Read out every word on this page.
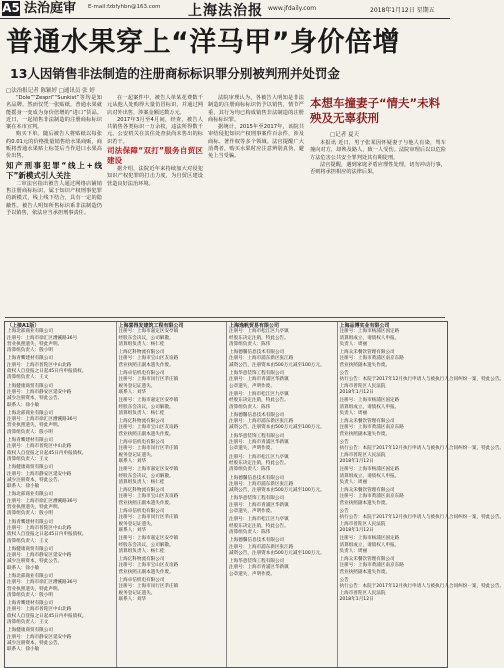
A5 法治庭审 E-mail:fzbfyhbn@163.com 上海法治报 www.jfdaily.com	2018年1月12日 星期五
普通水果穿上“洋马甲”身价倍增
13人因销售非法制造的注册商标标识罪分别被判刑并处罚金
□法治报记者 陈颖婷 □通讯员 张 婷

“Dole”“Zespri”“Sunkist”等均是知名品牌。然而仅凭一张贴纸，普通水果就能摇身一变成为身价倍增的“进口”货品。近日，一起销售非法制造的注册商标标识案在本市宣判。

购买下单。随后被告人将贴纸以每张约0.01元的价格批量销售给水果商贩，商贩将普通水果贴上标签后当作进口水果高价出售。

知产刑事犯罪“线上+线下”新模式引人关注

二审法官指出被告人通过网络店铺销售注册商标标识，属于知识产权刑事犯罪的新模式，线上线下结合，具有一定的隐蔽性。被告人明知所售标识系非法制造仍予以销售，依法应当承担刑事责任。

在一起案件中，被告人单某花费数千元从他人处购得大量仿冒标识，并通过网店对外出售，涉案金额达数万元。

2017年3月至4月间，经查，被告人共销售各类标识一万余枚，违法所得数千元。公安机关在其住处查获尚未售出的标识若干。

司法保障“双打”服务自贸区建设

据介绍，法院近年来持续加大对侵犯知识产权犯罪的打击力度，为自贸区建设营造良好法治环境。

法院审理认为，各被告人明知是非法制造的注册商标标识仍予以销售，情节严重，其行为均已构成销售非法制造的注册商标标识罪。

据统计，2015年至2017年，该院共审结侵犯知识产权刑事案件百余件，涉及商标、著作权等多个领域。法官提醒广大消费者，购买水果时应注意辨别真伪，避免上当受骗。

本想车撞妻子“情夫”未料殃及无辜获刑
□记者 夏天

本报讯 近日，男子张某因怀疑妻子与他人有染，驾车撞向对方，却殃及路人，致一人受伤。法院审理后以以危险方法危害公共安全罪判处其有期徒刑。

法官提醒，遇到家庭矛盾应理性处理，切勿冲动行事，否则将承担相应的法律后果。

（上接A1版）
上海北部商业有限公司
注册号：上海市徐汇区漕溪路36号
营业执照遗失，特此声明。
清算组负责人：殷小明
上海青鹰建材有限公司
注册号：上海市普陀区中山北路
债权人自登报之日起45日内申报债权。
清算组负责人：王文
上海健康商贸有限公司
注册号：上海市静安区延安中路
减少注册资本，特此公告。
联系人：徐小敏
上海北部商业有限公司
注册号：上海市徐汇区漕溪路36号
营业执照遗失，特此声明。
清算组负责人：殷小明
上海青鹰建材有限公司
注册号：上海市普陀区中山北路
债权人自登报之日起45日内申报债权。
清算组负责人：王文
上海健康商贸有限公司
注册号：上海市静安区延安中路
减少注册资本，特此公告。
联系人：徐小敏
上海北部商业有限公司
注册号：上海市徐汇区漕溪路36号
营业执照遗失，特此声明。
清算组负责人：殷小明
上海青鹰建材有限公司
注册号：上海市普陀区中山北路
债权人自登报之日起45日内申报债权。
清算组负责人：王文
上海健康商贸有限公司
注册号：上海市静安区延安中路
减少注册资本，特此公告。
联系人：徐小敏
上海北部商业有限公司
注册号：上海市徐汇区漕溪路36号
营业执照遗失，特此声明。
清算组负责人：殷小明
上海青鹰建材有限公司
注册号：上海市普陀区中山北路
债权人自登报之日起45日内申报债权。
清算组负责人：王文
上海健康商贸有限公司
注册号：上海市静安区延安中路
减少注册资本，特此公告。
联系人：徐小敏
上海喜得发建筑工程有限公司
注册号：上海市嘉定区安亭镇
经股东会决议，公司解散。
清算组负责人：杨仁桂
上海亿科物流有限公司
注册号：上海市宝山区友谊路
营业执照正副本遗失作废。
上海卓信机电有限公司
注册号：上海市闵行区莘庄镇
税务登记证遗失。
联系人：刘华
注册号：上海市嘉定区安亭镇
经股东会决议，公司解散。
清算组负责人：杨仁桂
上海亿科物流有限公司
注册号：上海市宝山区友谊路
营业执照正副本遗失作废。
上海卓信机电有限公司
注册号：上海市闵行区莘庄镇
税务登记证遗失。
联系人：刘华
注册号：上海市嘉定区安亭镇
经股东会决议，公司解散。
清算组负责人：杨仁桂
上海亿科物流有限公司
注册号：上海市宝山区友谊路
营业执照正副本遗失作废。
上海卓信机电有限公司
注册号：上海市闵行区莘庄镇
税务登记证遗失。
联系人：刘华
注册号：上海市嘉定区安亭镇
经股东会决议，公司解散。
清算组负责人：杨仁桂
上海亿科物流有限公司
注册号：上海市宝山区友谊路
营业执照正副本遗失作废。
上海卓信机电有限公司
注册号：上海市闵行区莘庄镇
税务登记证遗失。
联系人：刘华
上海逸帆贸易有限公司
注册号：上海市松江区九亭镇
经股东决定注销，特此公告。
清算组负责人：陈伟
上海德馨信息技术有限公司
注册号：上海市浦东新区张江路
减资公告，注册资本由500万元减至100万元。
上海华意装饰工程有限公司
注册号：上海市青浦区华新镇
公章遗失，声明作废。
注册号：上海市松江区九亭镇
经股东决定注销，特此公告。
清算组负责人：陈伟
上海德馨信息技术有限公司
注册号：上海市浦东新区张江路
减资公告，注册资本由500万元减至100万元。
上海华意装饰工程有限公司
注册号：上海市青浦区华新镇
公章遗失，声明作废。
注册号：上海市松江区九亭镇
经股东决定注销，特此公告。
清算组负责人：陈伟
上海德馨信息技术有限公司
注册号：上海市浦东新区张江路
减资公告，注册资本由500万元减至100万元。
上海华意装饰工程有限公司
注册号：上海市青浦区华新镇
公章遗失，声明作废。
注册号：上海市松江区九亭镇
经股东决定注销，特此公告。
清算组负责人：陈伟
上海德馨信息技术有限公司
注册号：上海市浦东新区张江路
减资公告，注册资本由500万元减至100万元。
上海华意装饰工程有限公司
注册号：上海市青浦区华新镇
公章遗失，声明作废。
上海品博实业有限公司
注册号：上海市杨浦区国定路
清算组成立，请债权人申报。
负责人：周丽
上海众禾餐饮管理有限公司
注册号：上海市黄浦区南京东路
营业执照副本遗失作废。
公告
执行公告：本院于2017年12月执行申请人与被执行人合同纠纷一案，特此公告。
上海市普陀区人民法院
2018年1月12日
注册号：上海市杨浦区国定路
清算组成立，请债权人申报。
负责人：周丽
上海众禾餐饮管理有限公司
注册号：上海市黄浦区南京东路
营业执照副本遗失作废。
公告
执行公告：本院于2017年12月执行申请人与被执行人合同纠纷一案，特此公告。
上海市普陀区人民法院
2018年1月12日
注册号：上海市杨浦区国定路
清算组成立，请债权人申报。
负责人：周丽
上海众禾餐饮管理有限公司
注册号：上海市黄浦区南京东路
营业执照副本遗失作废。
公告
执行公告：本院于2017年12月执行申请人与被执行人合同纠纷一案，特此公告。
上海市普陀区人民法院
2018年1月12日
注册号：上海市杨浦区国定路
清算组成立，请债权人申报。
负责人：周丽
上海众禾餐饮管理有限公司
注册号：上海市黄浦区南京东路
营业执照副本遗失作废。
公告
执行公告：本院于2017年12月执行申请人与被执行人合同纠纷一案，特此公告。
上海市普陀区人民法院
2018年1月12日
